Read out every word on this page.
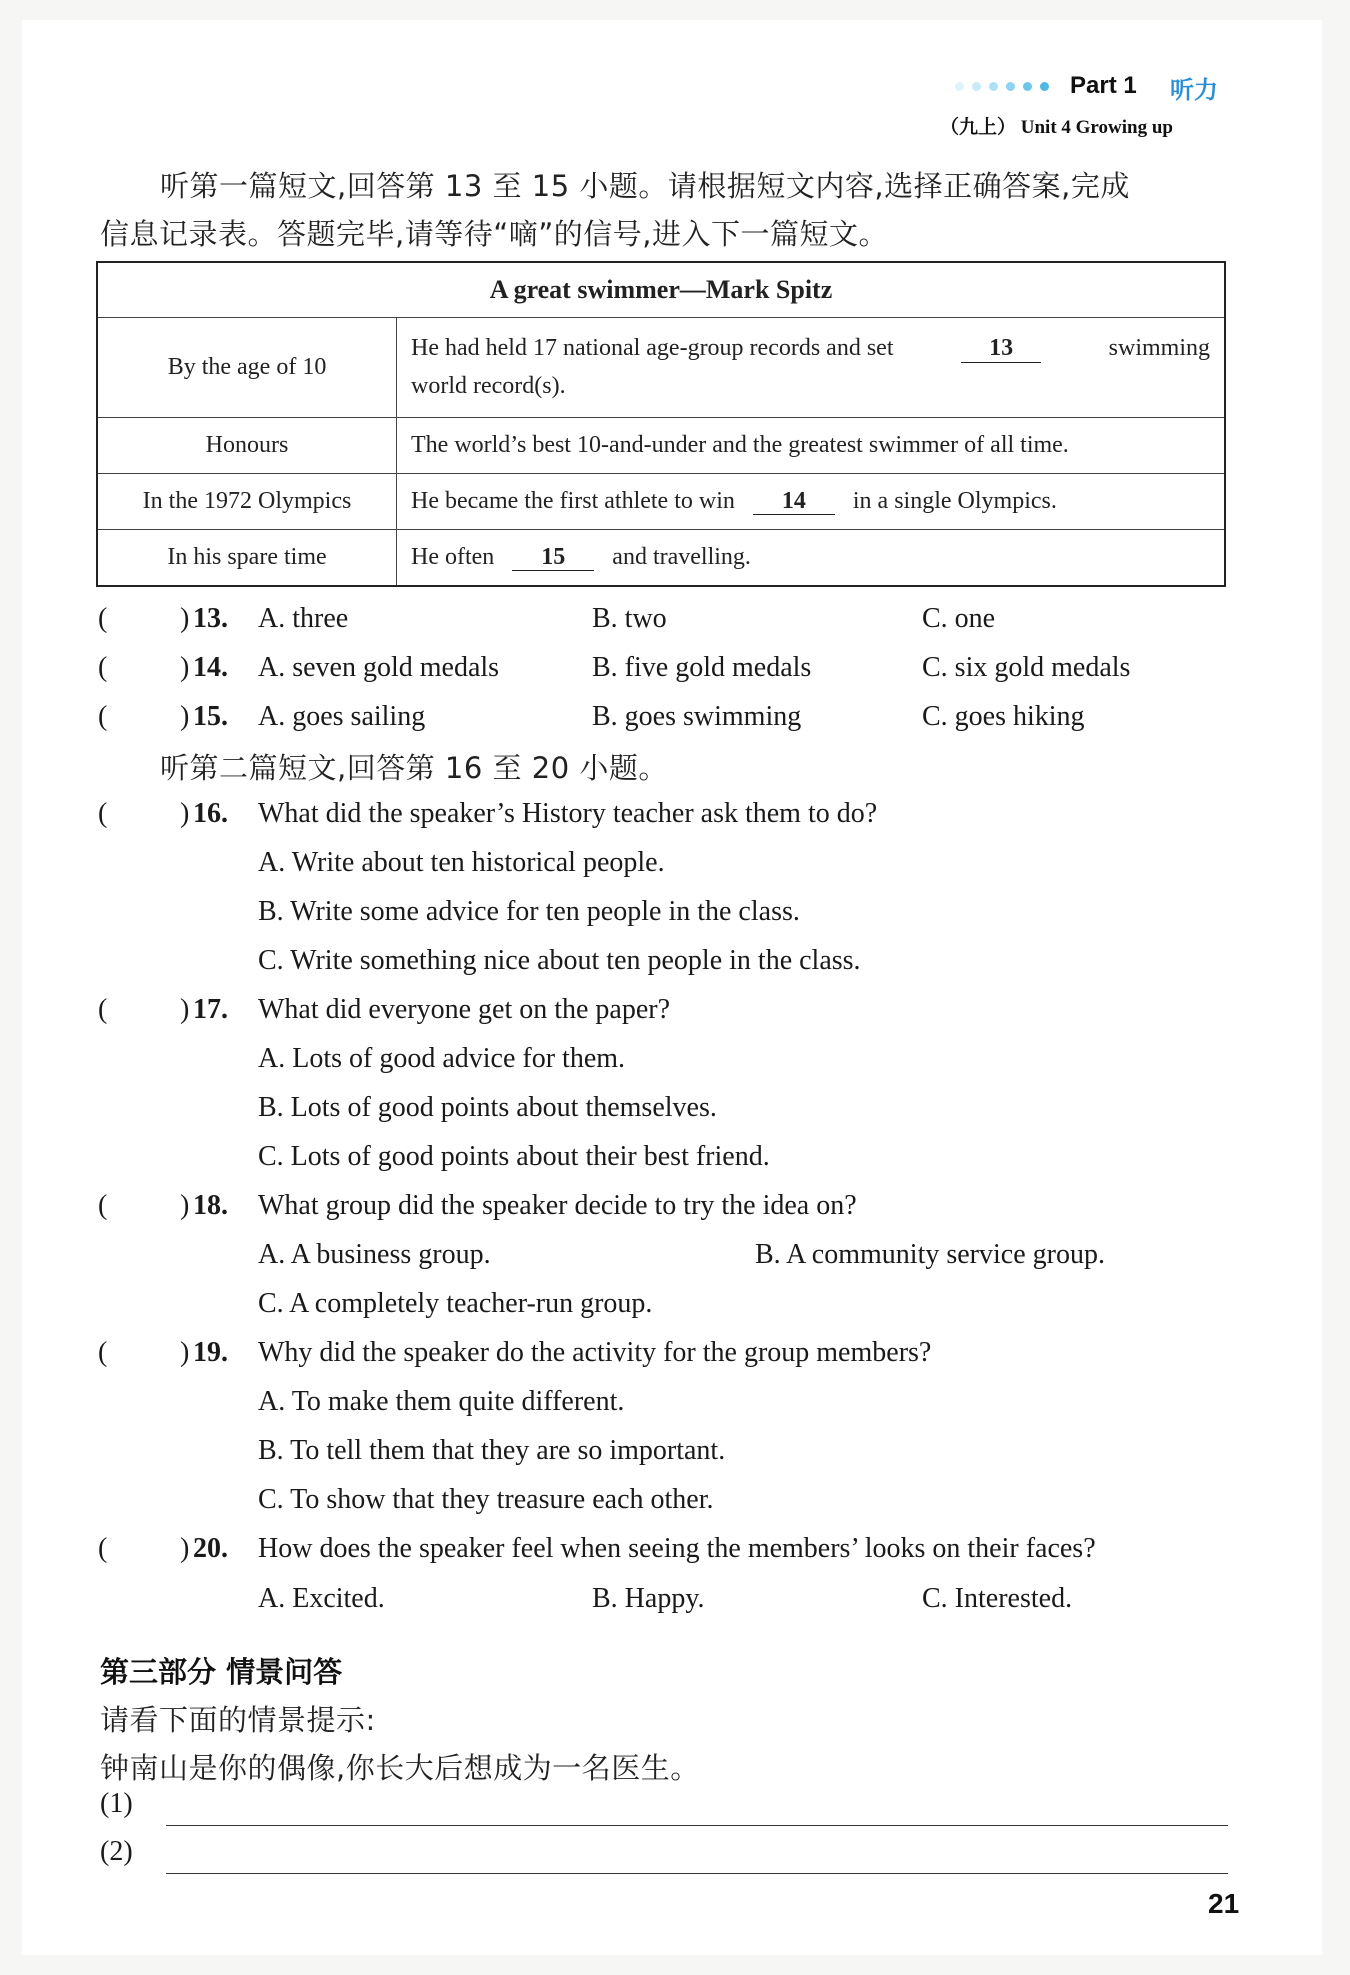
Part 1 听力
（九上） Unit 4 Growing up
听第一篇短文,回答第 13 至 15 小题。请根据短文内容,选择正确答案,完成
信息记录表。答题完毕,请等待“嘀”的信号,进入下一篇短文。
A great swimmer—Mark Spitz	
By the age of 10	He had held 17 national age-group records and set 13 swimming
world record(s).

Honours	The world’s best 10-and-under and the greatest swimmer of all time.
In the 1972 Olympics	He became the first athlete to win 14 in a single Olympics.
In his spare time	He often 15 and travelling.
(	) 13. A. three	B. two	C. one
(	) 14. A. seven gold medals	B. five gold medals	C. six gold medals
(	) 15. A. goes sailing	B. goes swimming	C. goes hiking
听第二篇短文,回答第 16 至 20 小题。
(	) 16. What did the speaker’s History teacher ask them to do?
A. Write about ten historical people.
B. Write some advice for ten people in the class.
C. Write something nice about ten people in the class.
(	) 17. What did everyone get on the paper?
A. Lots of good advice for them.
B. Lots of good points about themselves.
C. Lots of good points about their best friend.
(	) 18. What group did the speaker decide to try the idea on?
A. A business group.	B. A community service group.
C. A completely teacher-run group.
(	) 19. Why did the speaker do the activity for the group members?
A. To make them quite different.
B. To tell them that they are so important.
C. To show that they treasure each other.
(	) 20. How does the speaker feel when seeing the members’ looks on their faces?
A. Excited.	B. Happy.	C. Interested.
第三部分 情景问答
请看下面的情景提示:
钟南山是你的偶像,你长大后想成为一名医生。
(1)
(2)
21
